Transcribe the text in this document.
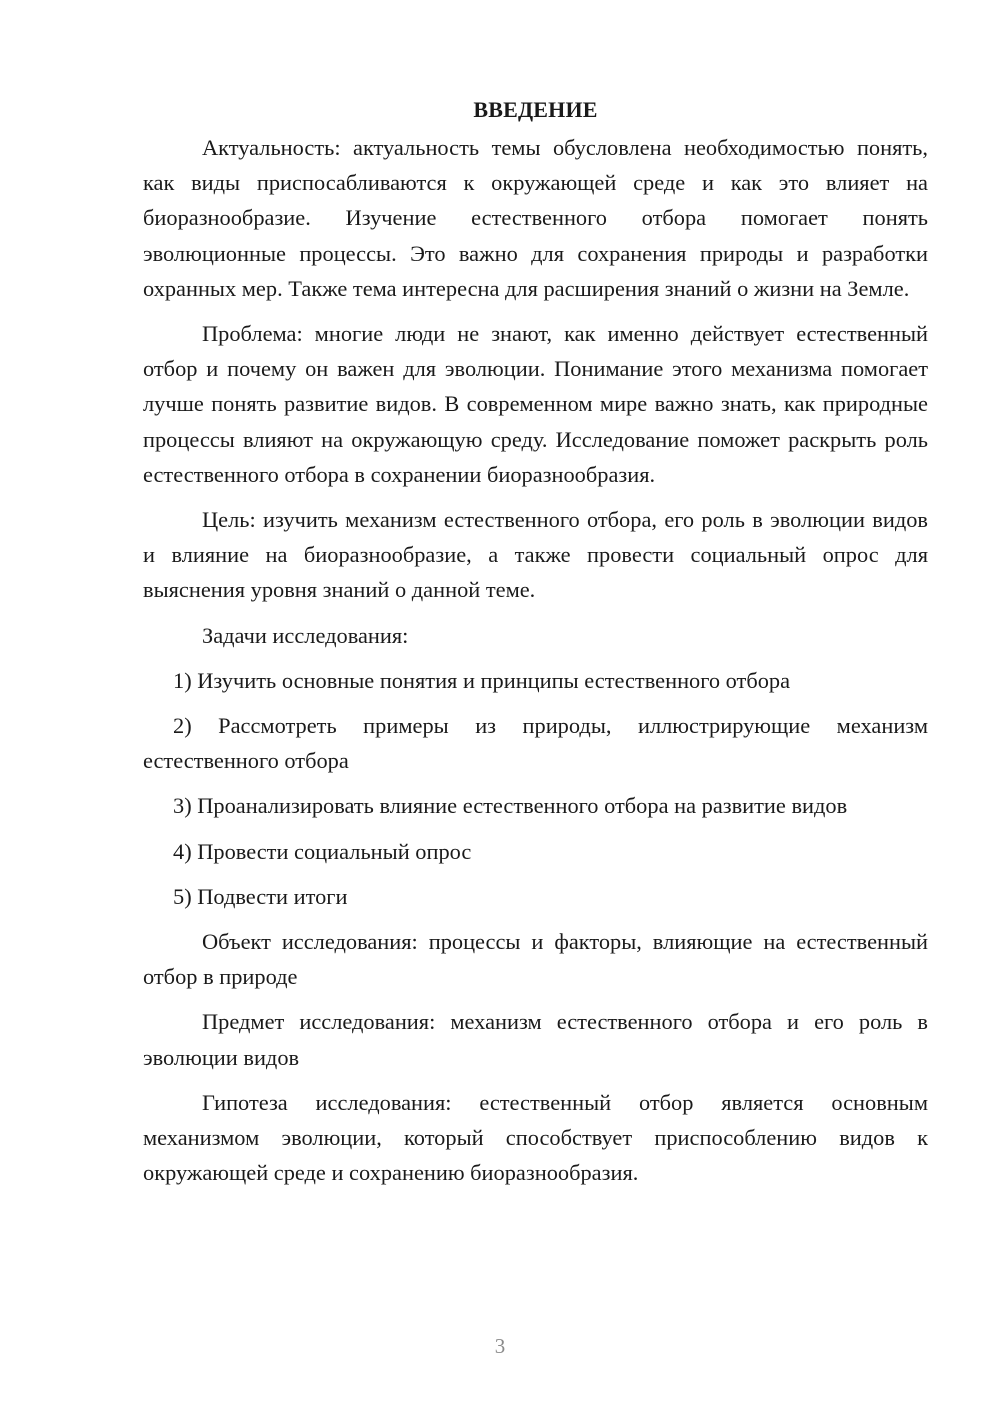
ВВЕДЕНИЕ

Актуальность: актуальность темы обусловлена необходимостью понять, как виды приспосабливаются к окружающей среде и как это влияет на биоразнообразие. Изучение естественного отбора помогает понять эволюционные процессы. Это важно для сохранения природы и разработки охранных мер. Также тема интересна для расширения знаний о жизни на Земле.

Проблема: многие люди не знают, как именно действует естественный отбор и почему он важен для эволюции. Понимание этого механизма помогает лучше понять развитие видов. В современном мире важно знать, как природные процессы влияют на окружающую среду. Исследование поможет раскрыть роль естественного отбора в сохранении биоразнообразия.

Цель: изучить механизм естественного отбора, его роль в эволюции видов и влияние на биоразнообразие, а также провести социальный опрос для выяснения уровня знаний о данной теме.

Задачи исследования:

1) Изучить основные понятия и принципы естественного отбора

2) Рассмотреть примеры из природы, иллюстрирующие механизм естественного отбора

3) Проанализировать влияние естественного отбора на развитие видов

4) Провести социальный опрос

5) Подвести итоги

Объект исследования: процессы и факторы, влияющие на естественный отбор в природе

Предмет исследования: механизм естественного отбора и его роль в эволюции видов

Гипотеза исследования: естественный отбор является основным механизмом эволюции, который способствует приспособлению видов к окружающей среде и сохранению биоразнообразия.

3
